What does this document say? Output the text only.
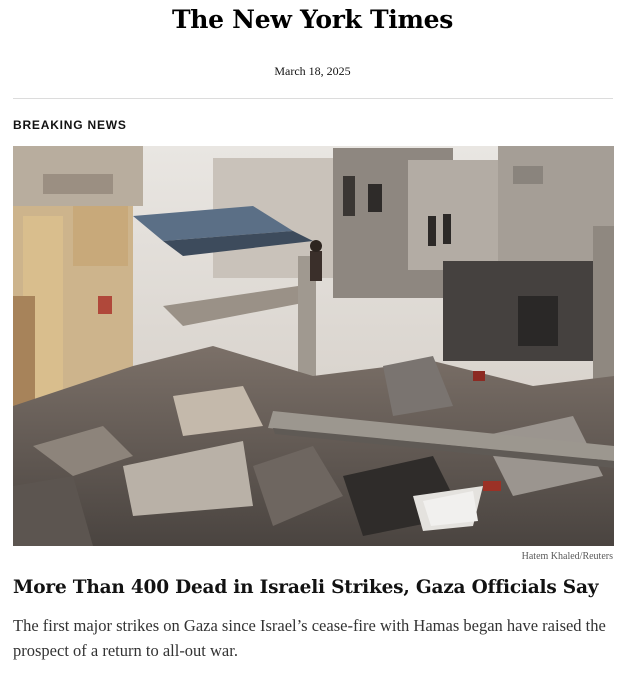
The New York Times
March 18, 2025
BREAKING NEWS
Hatem Khaled/Reuters
More Than 400 Dead in Israeli Strikes, Gaza Officials Say
The first major strikes on Gaza since Israel’s cease-fire with Hamas began have raised the prospect of a return to all-out war.
